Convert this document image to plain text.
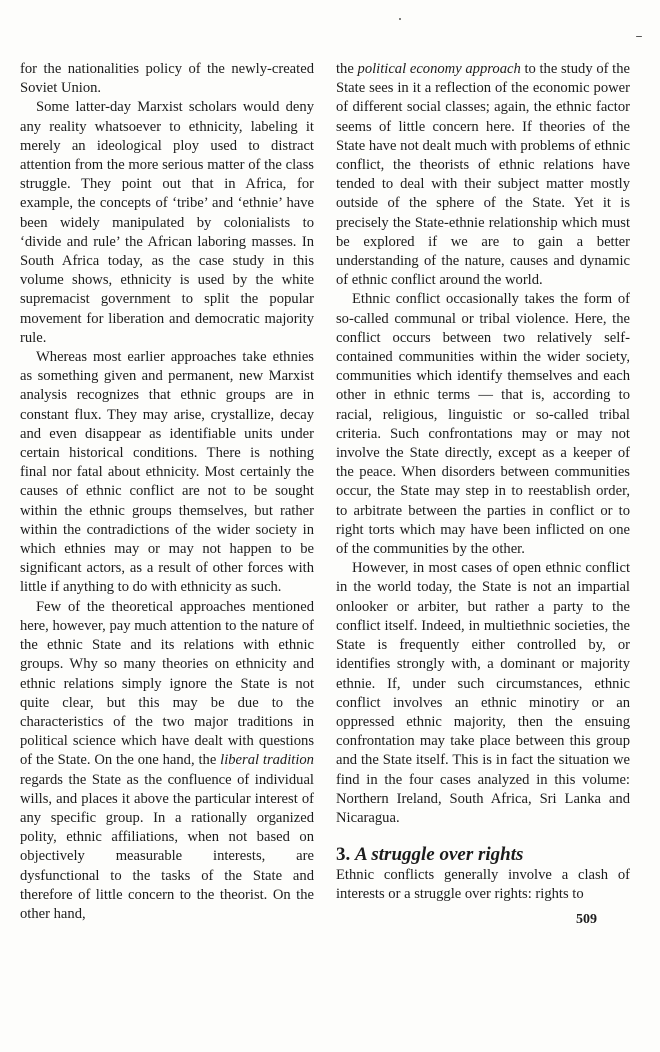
for the nationalities policy of the newly-created Soviet Union.

Some latter-day Marxist scholars would deny any reality whatsoever to ethnicity, labeling it merely an ideological ploy used to distract attention from the more serious matter of the class struggle. They point out that in Africa, for example, the concepts of ‘tribe’ and ‘ethnie’ have been widely manipulated by colonialists to ‘divide and rule’ the African laboring masses. In South Africa today, as the case study in this volume shows, ethnicity is used by the white supremacist government to split the popular movement for liberation and democratic majority rule.

Whereas most earlier approaches take ethnies as something given and permanent, new Marxist analysis recognizes that ethnic groups are in constant flux. They may arise, crystallize, decay and even disappear as identifiable units under certain historical conditions. There is nothing final nor fatal about ethnicity. Most certainly the causes of ethnic conflict are not to be sought within the ethnic groups themselves, but rather within the contradictions of the wider society in which ethnies may or may not happen to be significant actors, as a result of other forces with little if anything to do with ethnicity as such.

Few of the theoretical approaches mentioned here, however, pay much attention to the nature of the ethnic State and its relations with ethnic groups. Why so many theories on ethnicity and ethnic relations simply ignore the State is not quite clear, but this may be due to the characteristics of the two major traditions in political science which have dealt with questions of the State. On the one hand, the liberal tradition regards the State as the confluence of individual wills, and places it above the particular interest of any specific group. In a rationally organized polity, ethnic affiliations, when not based on objectively measurable interests, are dysfunctional to the tasks of the State and therefore of little concern to the theorist. On the other hand,

the political economy approach to the study of the State sees in it a reflection of the economic power of different social classes; again, the ethnic factor seems of little concern here. If theories of the State have not dealt much with problems of ethnic conflict, the theorists of ethnic relations have tended to deal with their subject matter mostly outside of the sphere of the State. Yet it is precisely the State-ethnie relationship which must be explored if we are to gain a better understanding of the nature, causes and dynamic of ethnic conflict around the world.

Ethnic conflict occasionally takes the form of so-called communal or tribal violence. Here, the conflict occurs between two relatively self-contained communities within the wider society, communities which identify themselves and each other in ethnic terms — that is, according to racial, religious, linguistic or so-called tribal criteria. Such confrontations may or may not involve the State directly, except as a keeper of the peace. When disorders between communities occur, the State may step in to reestablish order, to arbitrate between the parties in conflict or to right torts which may have been inflicted on one of the communities by the other.

However, in most cases of open ethnic conflict in the world today, the State is not an impartial onlooker or arbiter, but rather a party to the conflict itself. Indeed, in multiethnic societies, the State is frequently either controlled by, or identifies strongly with, a dominant or majority ethnie. If, under such circumstances, ethnic conflict involves an ethnic minotiry or an oppressed ethnic majority, then the ensuing confrontation may take place between this group and the State itself. This is in fact the situation we find in the four cases analyzed in this volume: Northern Ireland, South Africa, Sri Lanka and Nicaragua.

3. A struggle over rights

Ethnic conflicts generally involve a clash of interests or a struggle over rights: rights to

509
